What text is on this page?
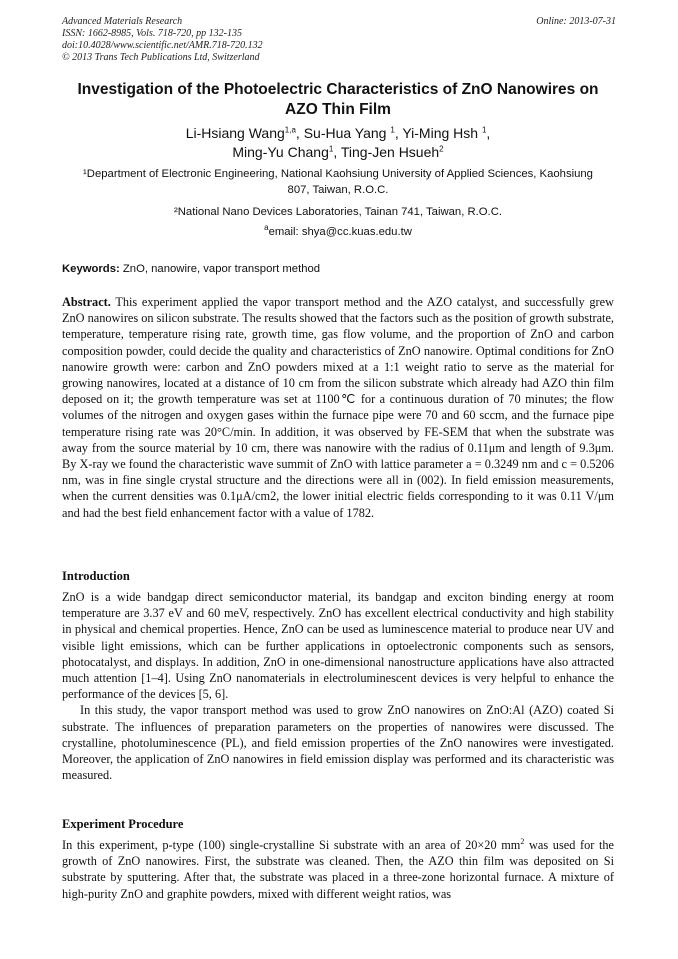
Advanced Materials Research
ISSN: 1662-8985, Vols. 718-720, pp 132-135
doi:10.4028/www.scientific.net/AMR.718-720.132
© 2013 Trans Tech Publications Ltd, Switzerland
Online: 2013-07-31
Investigation of the Photoelectric Characteristics of ZnO Nanowires on AZO Thin Film
Li-Hsiang Wang$^{1,a}$, Su-Hua Yang $^1$, Yi-Ming Hsh $^1$,
Ming-Yu Chang$^1$, Ting-Jen Hsueh$^2$
¹Department of Electronic Engineering, National Kaohsiung University of Applied Sciences, Kaohsiung 807, Taiwan, R.O.C.
²National Nano Devices Laboratories, Tainan 741, Taiwan, R.O.C.
$^a$email: shya@cc.kuas.edu.tw
Keywords: ZnO, nanowire, vapor transport method

Abstract. This experiment applied the vapor transport method and the AZO catalyst, and successfully grew ZnO nanowires on silicon substrate. The results showed that the factors such as the position of growth substrate, temperature, temperature rising rate, growth time, gas flow volume, and the proportion of ZnO and carbon composition powder, could decide the quality and characteristics of ZnO nanowire. Optimal conditions for ZnO nanowire growth were: carbon and ZnO powders mixed at a 1:1 weight ratio to serve as the material for growing nanowires, located at a distance of 10 cm from the silicon substrate which already had AZO thin film deposed on it; the growth temperature was set at 1100℃ for a continuous duration of 70 minutes; the flow volumes of the nitrogen and oxygen gases within the furnace pipe were 70 and 60 sccm, and the furnace pipe temperature rising rate was 20°C/min. In addition, it was observed by FE-SEM that when the substrate was away from the source material by 10 cm, there was nanowire with the radius of 0.11μm and length of 9.3μm. By X-ray we found the characteristic wave summit of ZnO with lattice parameter a = 0.3249 nm and c = 0.5206 nm, was in fine single crystal structure and the directions were all in (002). In field emission measurements, when the current densities was 0.1μA/cm2, the lower initial electric fields corresponding to it was 0.11 V/μm and had the best field enhancement factor with a value of 1782.

Introduction

ZnO is a wide bandgap direct semiconductor material, its bandgap and exciton binding energy at room temperature are 3.37 eV and 60 meV, respectively. ZnO has excellent electrical conductivity and high stability in physical and chemical properties. Hence, ZnO can be used as luminescence material to produce near UV and visible light emissions, which can be further applications in optoelectronic components such as sensors, photocatalyst, and displays. In addition, ZnO in one-dimensional nanostructure applications have also attracted much attention [1–4]. Using ZnO nanomaterials in electroluminescent devices is very helpful to enhance the performance of the devices [5, 6].

In this study, the vapor transport method was used to grow ZnO nanowires on ZnO:Al (AZO) coated Si substrate. The influences of preparation parameters on the properties of nanowires were discussed. The crystalline, photoluminescence (PL), and field emission properties of the ZnO nanowires were investigated. Moreover, the application of ZnO nanowires in field emission display was performed and its characteristic was measured.

Experiment Procedure

In this experiment, p-type (100) single-crystalline Si substrate with an area of 20×20 $mm^2$ was used for the growth of ZnO nanowires. First, the substrate was cleaned. Then, the AZO thin film was deposited on Si substrate by sputtering. After that, the substrate was placed in a three-zone horizontal furnace. A mixture of high-purity ZnO and graphite powders, mixed with different weight ratios, was
